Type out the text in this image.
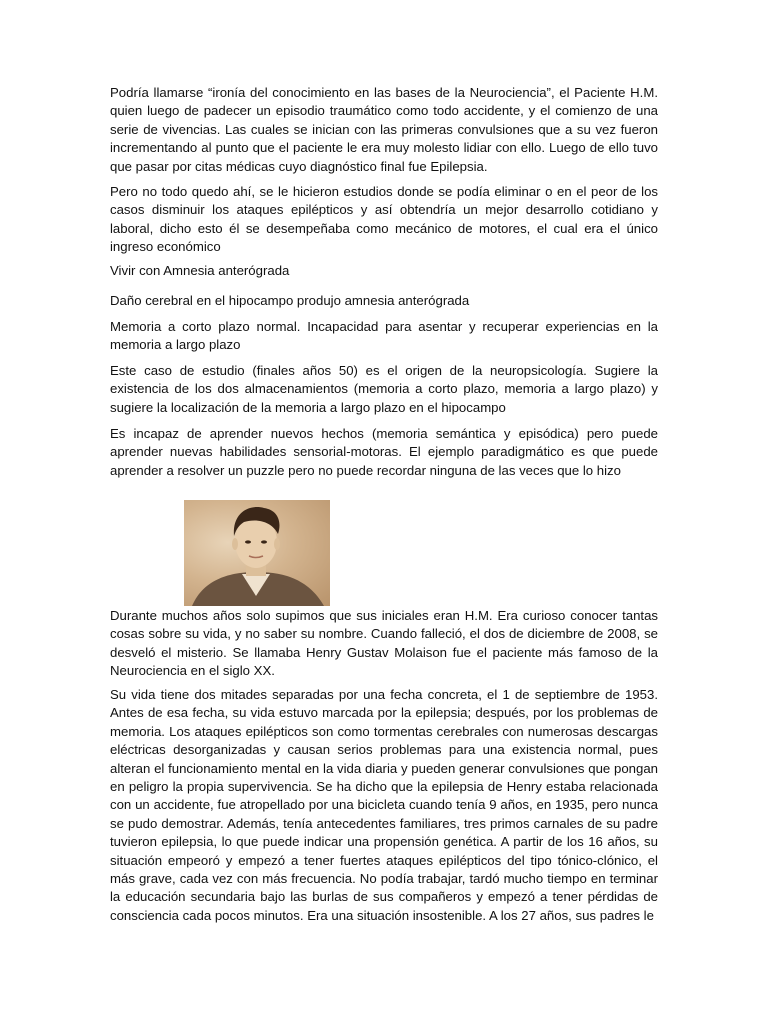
Podría llamarse “ironía del conocimiento en las bases de la Neurociencia”, el Paciente H.M. quien luego de padecer un episodio traumático como todo accidente, y el comienzo de una serie de vivencias. Las cuales se inician con las primeras convulsiones que a su vez fueron incrementando al punto que el paciente le era muy molesto lidiar con ello. Luego de ello tuvo que pasar por citas médicas cuyo diagnóstico final fue Epilepsia.

Pero no todo quedo ahí, se le hicieron estudios donde se podía eliminar o en el peor de los casos disminuir los ataques epilépticos y así obtendría un mejor desarrollo cotidiano y laboral, dicho esto él se desempeñaba como mecánico de motores, el cual era el único ingreso económico

Vivir con Amnesia anterógrada

Daño cerebral en el hipocampo produjo amnesia anterógrada

Memoria a corto plazo normal. Incapacidad para asentar y recuperar experiencias en la memoria a largo plazo

Este caso de estudio (finales años 50) es el origen de la neuropsicología. Sugiere la existencia de los dos almacenamientos (memoria a corto plazo, memoria a largo plazo) y sugiere la localización de la memoria a largo plazo en el hipocampo

Es incapaz de aprender nuevos hechos (memoria semántica y episódica) pero puede aprender nuevas habilidades sensorial-motoras. El ejemplo paradigmático es que puede aprender a resolver un puzzle pero no puede recordar ninguna de las veces que lo hizo

Durante muchos años solo supimos que sus iniciales eran H.M. Era curioso conocer tantas cosas sobre su vida, y no saber su nombre. Cuando falleció, el dos de diciembre de 2008, se desveló el misterio. Se llamaba Henry Gustav Molaison fue el paciente más famoso de la Neurociencia en el siglo XX.

Su vida tiene dos mitades separadas por una fecha concreta, el 1 de septiembre de 1953. Antes de esa fecha, su vida estuvo marcada por la epilepsia; después, por los problemas de memoria. Los ataques epilépticos son como tormentas cerebrales con numerosas descargas eléctricas desorganizadas y causan serios problemas para una existencia normal, pues alteran el funcionamiento mental en la vida diaria y pueden generar convulsiones que pongan en peligro la propia supervivencia. Se ha dicho que la epilepsia de Henry estaba relacionada con un accidente, fue atropellado por una bicicleta cuando tenía 9 años, en 1935, pero nunca se pudo demostrar. Además, tenía antecedentes familiares, tres primos carnales de su padre tuvieron epilepsia, lo que puede indicar una propensión genética. A partir de los 16 años, su situación empeoró y empezó a tener fuertes ataques epilépticos del tipo tónico-clónico, el más grave, cada vez con más frecuencia. No podía trabajar, tardó mucho tiempo en terminar la educación secundaria bajo las burlas de sus compañeros y empezó a tener pérdidas de consciencia cada pocos minutos. Era una situación insostenible. A los 27 años, sus padres le
